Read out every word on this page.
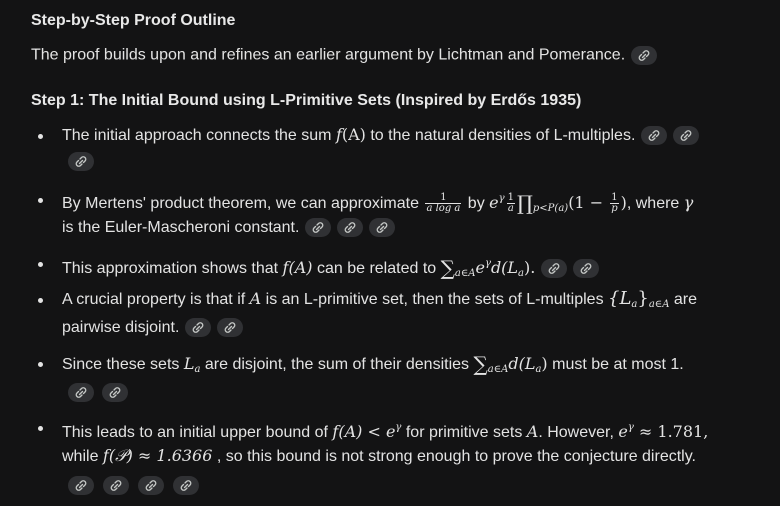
Step-by-Step Proof Outline
The proof builds upon and refines an earlier argument by Lichtman and Pomerance.
Step 1: The Initial Bound using L-Primitive Sets (Inspired by Erdős 1935)
The initial approach connects the sum f(A) to the natural densities of L-multiples.
By Mertens' product theorem, we can approximate $\frac{1}{\text{a log a}}$ by $e^\gamma \frac{1}{a}$ $\prod_{p<P(a)}(1 - \frac{1}{p}$ ), where γ
is the Euler-Mascheroni constant.
This approximation shows that f(A) can be related to $\sum_{a\in A}e^\gamma d(L_a)$.
A crucial property is that if A is an L-primitive set, then the sets of L-multiples $\{L_a\}_{a\in A}$ are
pairwise disjoint.
Since these sets $L_a$ are disjoint, the sum of their densities $\sum_{a\in A}d(L_a)$ must be at most 1.
This leads to an initial upper bound of $f(A) < e^\gamma$ for primitive sets A. However, $e^\gamma \approx 1.781$,
while f(𝒫) ≈ 1.6366 , so this bound is not strong enough to prove the conjecture directly.
